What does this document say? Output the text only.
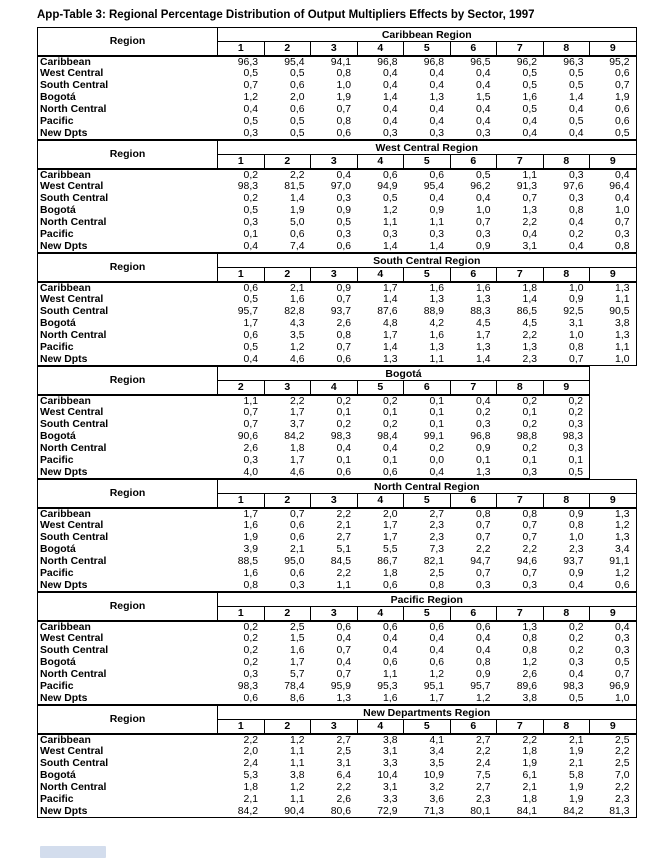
App-Table 3: Regional Percentage Distribution of Output Multipliers Effects by Sector, 1997
Region	Caribbean Region								
	1	2	3	4	5	6	7	8	9
Caribbean	96,3	95,4	94,1	96,8	96,8	96,5	96,2	96,3	95,2
West Central	0,5	0,5	0,8	0,4	0,4	0,4	0,5	0,5	0,6
South Central	0,7	0,6	1,0	0,4	0,4	0,4	0,5	0,5	0,7
Bogotá	1,2	2,0	1,9	1,4	1,3	1,5	1,6	1,4	1,9
North Central	0,4	0,6	0,7	0,4	0,4	0,4	0,5	0,4	0,6
Pacific	0,5	0,5	0,8	0,4	0,4	0,4	0,4	0,5	0,6
New Dpts	0,3	0,5	0,6	0,3	0,3	0,3	0,4	0,4	0,5
Region	West Central Region								
	1	2	3	4	5	6	7	8	9
Caribbean	0,2	2,2	0,4	0,6	0,6	0,5	1,1	0,3	0,4
West Central	98,3	81,5	97,0	94,9	95,4	96,2	91,3	97,6	96,4
South Central	0,2	1,4	0,3	0,5	0,4	0,4	0,7	0,3	0,4
Bogotá	0,5	1,9	0,9	1,2	0,9	1,0	1,3	0,8	1,0
North Central	0,3	5,0	0,5	1,1	1,1	0,7	2,2	0,4	0,7
Pacific	0,1	0,6	0,3	0,3	0,3	0,3	0,4	0,2	0,3
New Dpts	0,4	7,4	0,6	1,4	1,4	0,9	3,1	0,4	0,8
Region	South Central Region								
	1	2	3	4	5	6	7	8	9
Caribbean	0,6	2,1	0,9	1,7	1,6	1,6	1,8	1,0	1,3
West Central	0,5	1,6	0,7	1,4	1,3	1,3	1,4	0,9	1,1
South Central	95,7	82,8	93,7	87,6	88,9	88,3	86,5	92,5	90,5
Bogotá	1,7	4,3	2,6	4,8	4,2	4,5	4,5	3,1	3,8
North Central	0,6	3,5	0,8	1,7	1,6	1,7	2,2	1,0	1,3
Pacific	0,5	1,2	0,7	1,4	1,3	1,3	1,3	0,8	1,1
New Dpts	0,4	4,6	0,6	1,3	1,1	1,4	2,3	0,7	1,0
Region	Bogotá							
	2	3	4	5	6	7	8	9
Caribbean	1,1	2,2	0,2	0,2	0,1	0,4	0,2	0,2
West Central	0,7	1,7	0,1	0,1	0,1	0,2	0,1	0,2
South Central	0,7	3,7	0,2	0,2	0,1	0,3	0,2	0,3
Bogotá	90,6	84,2	98,3	98,4	99,1	96,8	98,8	98,3
North Central	2,6	1,8	0,4	0,4	0,2	0,9	0,2	0,3
Pacific	0,3	1,7	0,1	0,1	0,0	0,1	0,1	0,1
New Dpts	4,0	4,6	0,6	0,6	0,4	1,3	0,3	0,5
Region	North Central Region								
	1	2	3	4	5	6	7	8	9
Caribbean	1,7	0,7	2,2	2,0	2,7	0,8	0,8	0,9	1,3
West Central	1,6	0,6	2,1	1,7	2,3	0,7	0,7	0,8	1,2
South Central	1,9	0,6	2,7	1,7	2,3	0,7	0,7	1,0	1,3
Bogotá	3,9	2,1	5,1	5,5	7,3	2,2	2,2	2,3	3,4
North Central	88,5	95,0	84,5	86,7	82,1	94,7	94,6	93,7	91,1
Pacific	1,6	0,6	2,2	1,8	2,5	0,7	0,7	0,9	1,2
New Dpts	0,8	0,3	1,1	0,6	0,8	0,3	0,3	0,4	0,6
Region	Pacific Region								
	1	2	3	4	5	6	7	8	9
Caribbean	0,2	2,5	0,6	0,6	0,6	0,6	1,3	0,2	0,4
West Central	0,2	1,5	0,4	0,4	0,4	0,4	0,8	0,2	0,3
South Central	0,2	1,6	0,7	0,4	0,4	0,4	0,8	0,2	0,3
Bogotá	0,2	1,7	0,4	0,6	0,6	0,8	1,2	0,3	0,5
North Central	0,3	5,7	0,7	1,1	1,2	0,9	2,6	0,4	0,7
Pacific	98,3	78,4	95,9	95,3	95,1	95,7	89,6	98,3	96,9
New Dpts	0,6	8,6	1,3	1,6	1,7	1,2	3,8	0,5	1,0
Region	New Departments Region								
	1	2	3	4	5	6	7	8	9
Caribbean	2,2	1,2	2,7	3,8	4,1	2,7	2,2	2,1	2,5
West Central	2,0	1,1	2,5	3,1	3,4	2,2	1,8	1,9	2,2
South Central	2,4	1,1	3,1	3,3	3,5	2,4	1,9	2,1	2,5
Bogotá	5,3	3,8	6,4	10,4	10,9	7,5	6,1	5,8	7,0
North Central	1,8	1,2	2,2	3,1	3,2	2,7	2,1	1,9	2,2
Pacific	2,1	1,1	2,6	3,3	3,6	2,3	1,8	1,9	2,3
New Dpts	84,2	90,4	80,6	72,9	71,3	80,1	84,1	84,2	81,3
